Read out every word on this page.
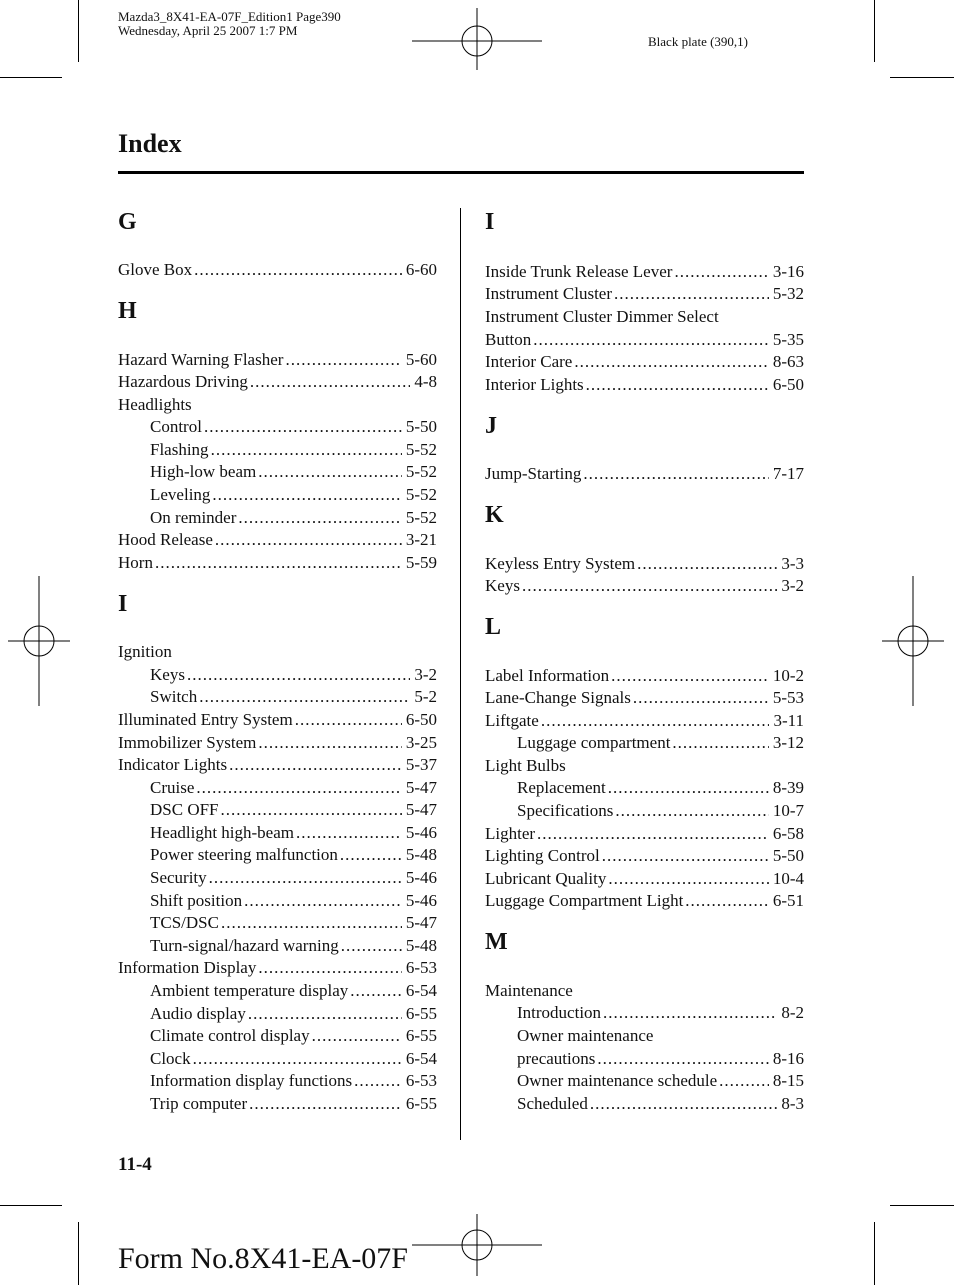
Mazda3_8X41-EA-07F_Edition1 Page390
Wednesday, April 25 2007 1:7 PM
Black plate (390,1)
Index
G
Glove Box .....	6-60
H
Hazard Warning Flasher .....	5-60
Hazardous Driving .....	4-8
Headlights
Control .....	5-50
Flashing .....	5-52
High-low beam .....	5-52
Leveling .....	5-52
On reminder .....	5-52
Hood Release .....	3-21
Horn .....	5-59
I
Ignition
Keys .....	3-2
Switch .....	5-2
Illuminated Entry System .....	6-50
Immobilizer System .....	3-25
Indicator Lights .....	5-37
Cruise .....	5-47
DSC OFF .....	5-47
Headlight high-beam .....	5-46
Power steering malfunction .....	5-48
Security .....	5-46
Shift position .....	5-46
TCS/DSC .....	5-47
Turn-signal/hazard warning .....	5-48
Information Display .....	6-53
Ambient temperature display .....	6-54
Audio display .....	6-55
Climate control display .....	6-55
Clock .....	6-54
Information display functions .....	6-53
Trip computer .....	6-55
I
Inside Trunk Release Lever .....	3-16
Instrument Cluster .....	5-32
Instrument Cluster Dimmer Select
Button .....	5-35
Interior Care .....	8-63
Interior Lights .....	6-50
J
Jump-Starting .....	7-17
K
Keyless Entry System .....	3-3
Keys .....	3-2
L
Label Information .....	10-2
Lane-Change Signals .....	5-53
Liftgate .....	3-11
Luggage compartment .....	3-12
Light Bulbs
Replacement .....	8-39
Specifications .....	10-7
Lighter .....	6-58
Lighting Control .....	5-50
Lubricant Quality .....	10-4
Luggage Compartment Light .....	6-51
M
Maintenance
Introduction .....	8-2
Owner maintenance
precautions .....	8-16
Owner maintenance schedule .....	8-15
Scheduled .....	8-3
11-4
Form No.8X41-EA-07F
